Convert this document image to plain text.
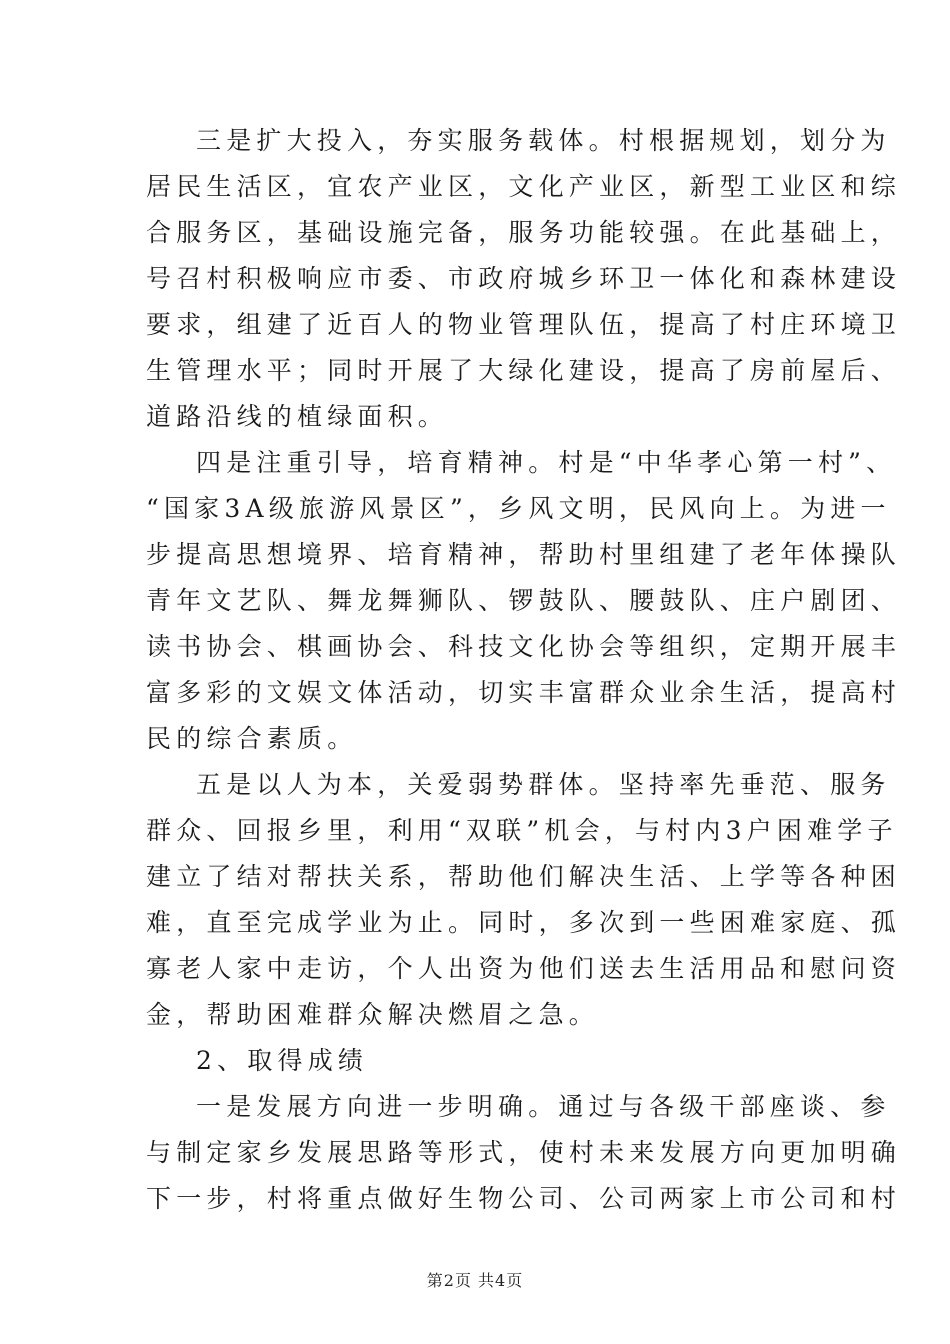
三是扩大投入，夯实服务载体。村根据规划，划分为
居民生活区，宜农产业区，文化产业区，新型工业区和综
合服务区，基础设施完备，服务功能较强。在此基础上，
号召村积极响应市委、市政府城乡环卫一体化和森林建设
要求，组建了近百人的物业管理队伍，提高了村庄环境卫
生管理水平；同时开展了大绿化建设，提高了房前屋后、
道路沿线的植绿面积。
四是注重引导，培育精神。村是“中华孝心第一村”、
“国家3A级旅游风景区”，乡风文明，民风向上。为进一
步提高思想境界、培育精神，帮助村里组建了老年体操队
青年文艺队、舞龙舞狮队、锣鼓队、腰鼓队、庄户剧团、
读书协会、棋画协会、科技文化协会等组织，定期开展丰
富多彩的文娱文体活动，切实丰富群众业余生活，提高村
民的综合素质。
五是以人为本，关爱弱势群体。坚持率先垂范、服务
群众、回报乡里，利用“双联”机会，与村内3户困难学子
建立了结对帮扶关系，帮助他们解决生活、上学等各种困
难，直至完成学业为止。同时，多次到一些困难家庭、孤
寡老人家中走访，个人出资为他们送去生活用品和慰问资
金，帮助困难群众解决燃眉之急。
2、取得成绩
一是发展方向进一步明确。通过与各级干部座谈、参
与制定家乡发展思路等形式，使村未来发展方向更加明确
下一步，村将重点做好生物公司、公司两家上市公司和村
第2页 共4页
